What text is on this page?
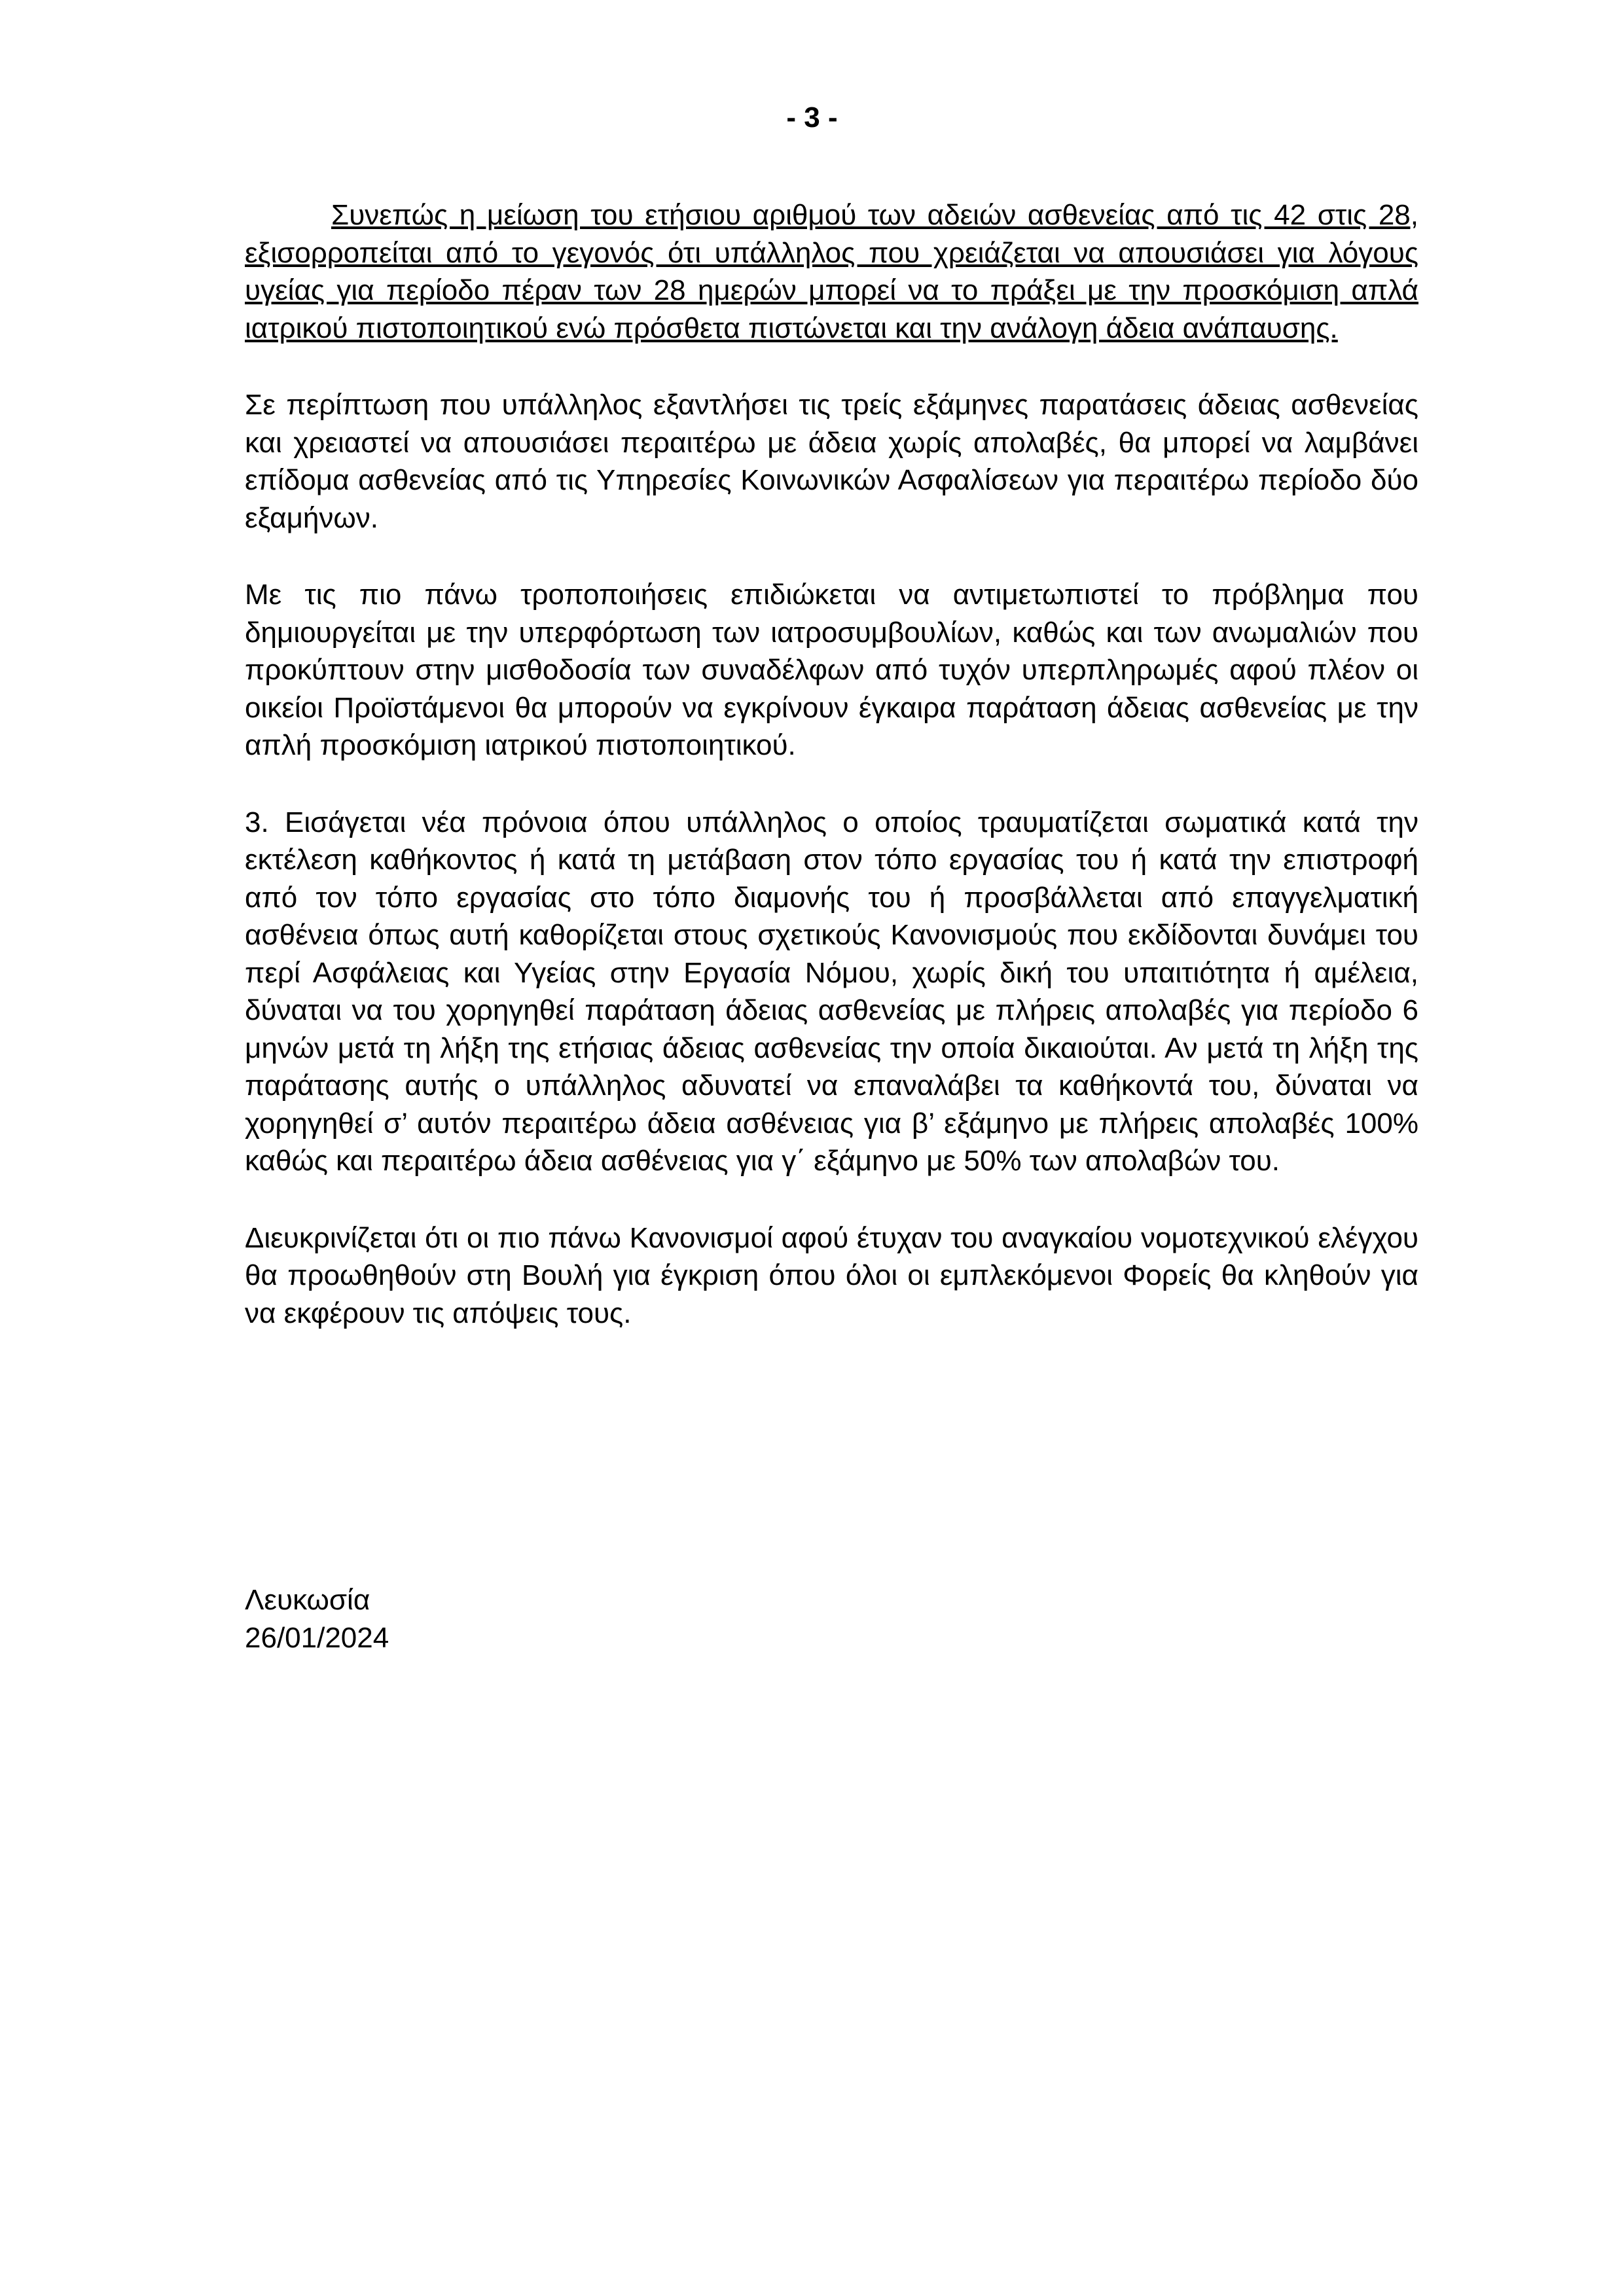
- 3 -

Συνεπώς η μείωση του ετήσιου αριθμού των αδειών ασθενείας από τις 42 στις 28, εξισορροπείται από το γεγονός ότι υπάλληλος που χρειάζεται να απουσιάσει για λόγους υγείας για περίοδο πέραν των 28 ημερών μπορεί να το πράξει με την προσκόμιση απλά ιατρικού πιστοποιητικού ενώ πρόσθετα πιστώνεται και την ανάλογη άδεια ανάπαυσης.

Σε περίπτωση που υπάλληλος εξαντλήσει τις τρείς εξάμηνες παρατάσεις άδειας ασθενείας και χρειαστεί να απουσιάσει περαιτέρω με άδεια χωρίς απολαβές, θα μπορεί να λαμβάνει επίδομα ασθενείας από τις Υπηρεσίες Κοινωνικών Ασφαλίσεων για περαιτέρω περίοδο δύο εξαμήνων.

Με τις πιο πάνω τροποποιήσεις επιδιώκεται να αντιμετωπιστεί το πρόβλημα που δημιουργείται με την υπερφόρτωση των ιατροσυμβουλίων, καθώς και των ανωμαλιών που προκύπτουν στην μισθοδοσία των συναδέλφων από τυχόν υπερπληρωμές αφού πλέον οι οικείοι Προϊστάμενοι θα μπορούν να εγκρίνουν έγκαιρα παράταση άδειας ασθενείας με την απλή προσκόμιση ιατρικού πιστοποιητικού.

3. Εισάγεται νέα πρόνοια όπου υπάλληλος ο οποίος τραυματίζεται σωματικά κατά την εκτέλεση καθήκοντος ή κατά τη μετάβαση στον τόπο εργασίας του ή κατά την επιστροφή από τον τόπο εργασίας στο τόπο διαμονής του ή προσβάλλεται από επαγγελματική ασθένεια όπως αυτή καθορίζεται στους σχετικούς Κανονισμούς που εκδίδονται δυνάμει του περί Ασφάλειας και Υγείας στην Εργασία Νόμου, χωρίς δική του υπαιτιότητα ή αμέλεια, δύναται να του χορηγηθεί παράταση άδειας ασθενείας με πλήρεις απολαβές για περίοδο 6 μηνών μετά τη λήξη της ετήσιας άδειας ασθενείας την οποία δικαιούται. Αν μετά τη λήξη της παράτασης αυτής ο υπάλληλος αδυνατεί να επαναλάβει τα καθήκοντά του, δύναται να χορηγηθεί σ’ αυτόν περαιτέρω άδεια ασθένειας για β’ εξάμηνο με πλήρεις απολαβές 100% καθώς και περαιτέρω άδεια ασθένειας για γ΄ εξάμηνο με 50% των απολαβών του.

Διευκρινίζεται ότι οι πιο πάνω Κανονισμοί αφού έτυχαν του αναγκαίου νομοτεχνικού ελέγχου θα προωθηθούν στη Βουλή για έγκριση όπου όλοι οι εμπλεκόμενοι Φορείς θα κληθούν για να εκφέρουν τις απόψεις τους.

Λευκωσία
26/01/2024
